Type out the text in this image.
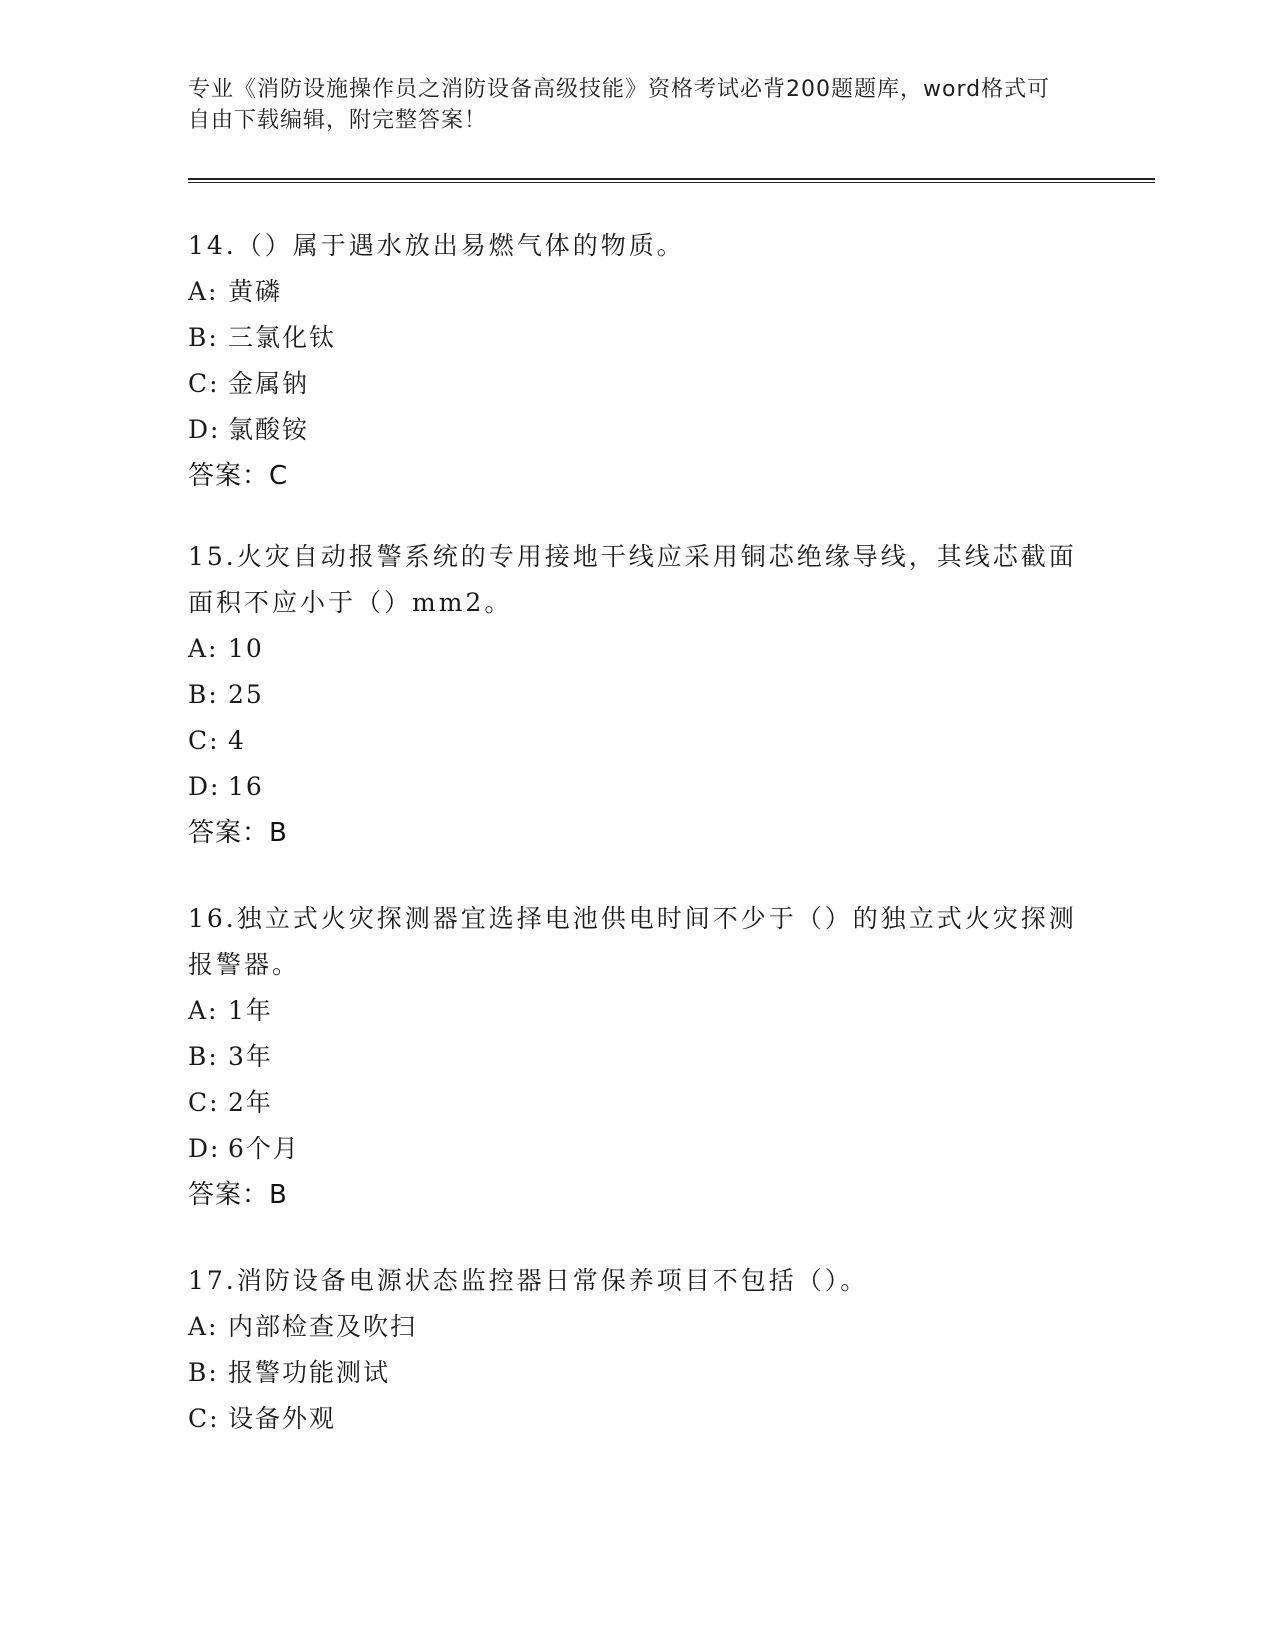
专业《消防设施操作员之消防设备高级技能》资格考试必背200题题库，word格式可自由下载编辑，附完整答案！
14.（）属于遇水放出易燃气体的物质。
A: 黄磷
B: 三氯化钛
C: 金属钠
D: 氯酸铵
答案：C
15.火灾自动报警系统的专用接地干线应采用铜芯绝缘导线，其线芯截面面积不应小于（）mm2。
A: 10
B: 25
C: 4
D: 16
答案：B
16.独立式火灾探测器宜选择电池供电时间不少于（）的独立式火灾探测报警器。
A: 1年
B: 3年
C: 2年
D: 6个月
答案：B
17.消防设备电源状态监控器日常保养项目不包括（）。
A: 内部检查及吹扫
B: 报警功能测试
C: 设备外观
